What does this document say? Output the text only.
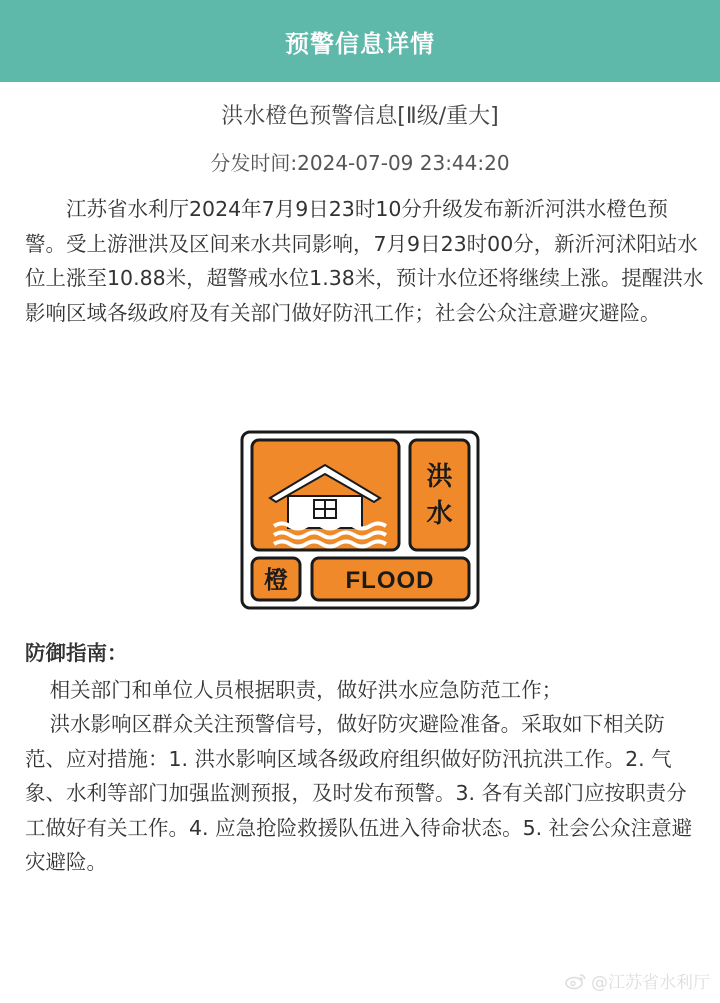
预警信息详情
洪水橙色预警信息[Ⅱ级/重大]
分发时间:2024-07-09 23:44:20

江苏省水利厅2024年7月9日23时10分升级发布新沂河洪水橙色预警。受上游泄洪及区间来水共同影响，7月9日23时00分，新沂河沭阳站水位上涨至10.88米，超警戒水位1.38米，预计水位还将继续上涨。提醒洪水影响区域各级政府及有关部门做好防汛工作；社会公众注意避灾避险。

洪
水
橙 FLOOD
防御指南：

相关部门和单位人员根据职责，做好洪水应急防范工作；

洪水影响区群众关注预警信号，做好防灾避险准备。采取如下相关防范、应对措施：1. 洪水影响区域各级政府组织做好防汛抗洪工作。2. 气象、水利等部门加强监测预报，及时发布预警。3. 各有关部门应按职责分工做好有关工作。4. 应急抢险救援队伍进入待命状态。5. 社会公众注意避灾避险。

@江苏省水利厅
